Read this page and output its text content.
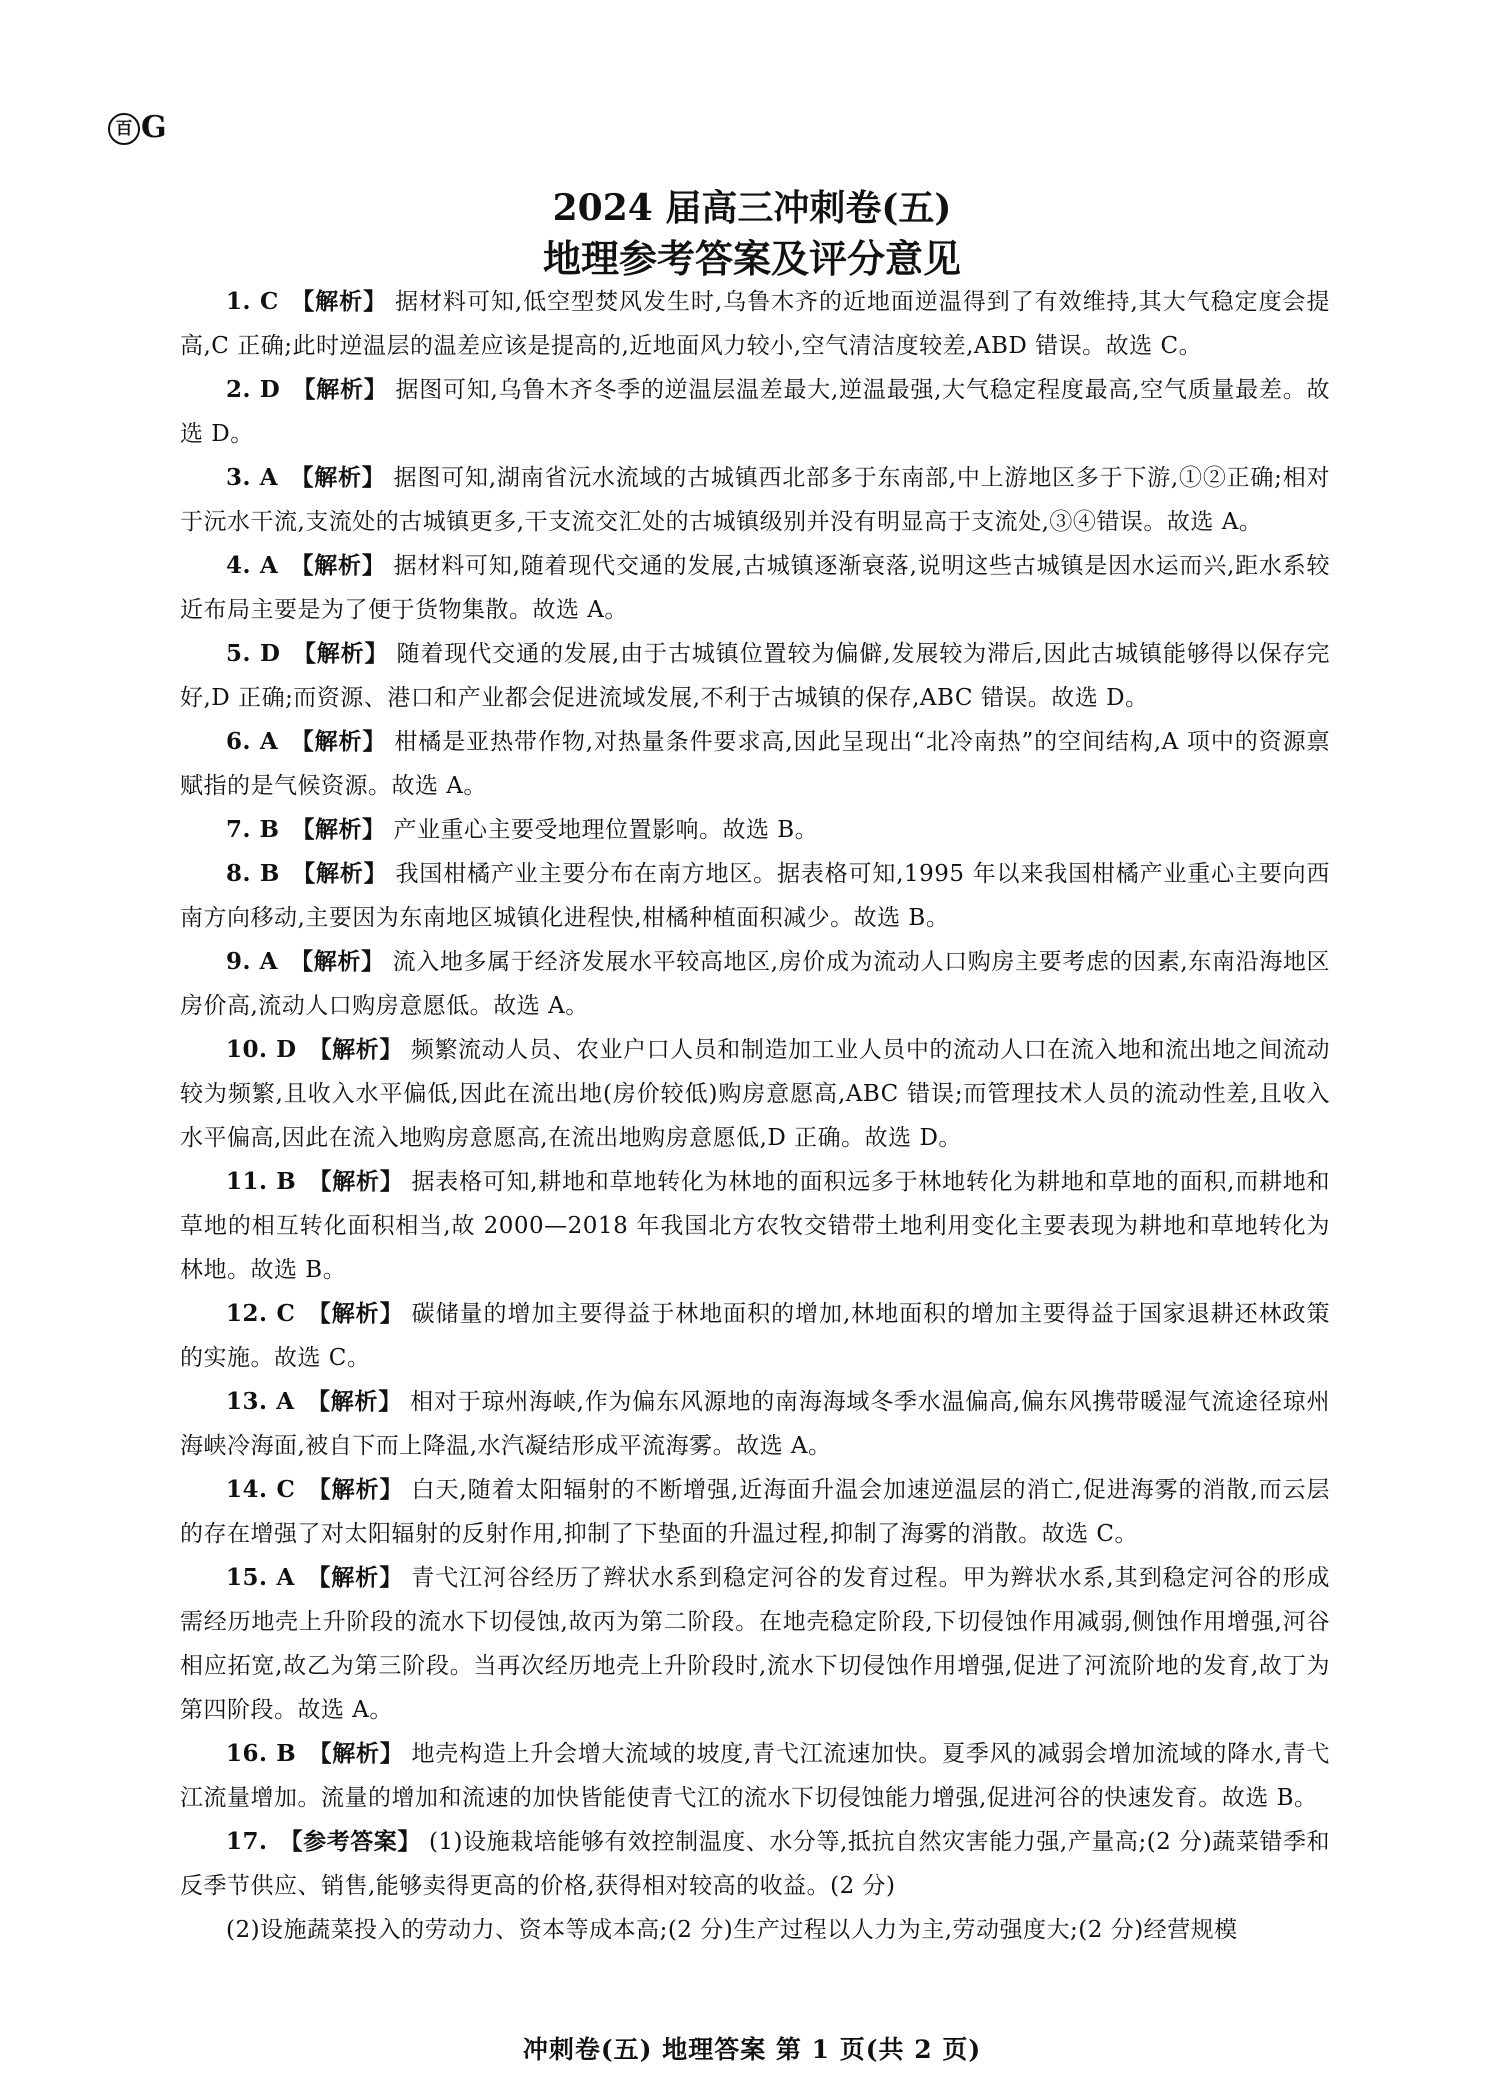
百 G
2024 届高三冲刺卷(五)
地理参考答案及评分意见

1. C 【解析】 据材料可知,低空型焚风发生时,乌鲁木齐的近地面逆温得到了有效维持,其大气稳定度会提高,C 正确;此时逆温层的温差应该是提高的,近地面风力较小,空气清洁度较差,ABD 错误。故选 C。

2. D 【解析】 据图可知,乌鲁木齐冬季的逆温层温差最大,逆温最强,大气稳定程度最高,空气质量最差。故选 D。

3. A 【解析】 据图可知,湖南省沅水流域的古城镇西北部多于东南部,中上游地区多于下游,①②正确;相对于沅水干流,支流处的古城镇更多,干支流交汇处的古城镇级别并没有明显高于支流处,③④错误。故选 A。

4. A 【解析】 据材料可知,随着现代交通的发展,古城镇逐渐衰落,说明这些古城镇是因水运而兴,距水系较近布局主要是为了便于货物集散。故选 A。

5. D 【解析】 随着现代交通的发展,由于古城镇位置较为偏僻,发展较为滞后,因此古城镇能够得以保存完好,D 正确;而资源、港口和产业都会促进流域发展,不利于古城镇的保存,ABC 错误。故选 D。

6. A 【解析】 柑橘是亚热带作物,对热量条件要求高,因此呈现出“北冷南热”的空间结构,A 项中的资源禀赋指的是气候资源。故选 A。

7. B 【解析】 产业重心主要受地理位置影响。故选 B。

8. B 【解析】 我国柑橘产业主要分布在南方地区。据表格可知,1995 年以来我国柑橘产业重心主要向西南方向移动,主要因为东南地区城镇化进程快,柑橘种植面积减少。故选 B。

9. A 【解析】 流入地多属于经济发展水平较高地区,房价成为流动人口购房主要考虑的因素,东南沿海地区房价高,流动人口购房意愿低。故选 A。

10. D 【解析】 频繁流动人员、农业户口人员和制造加工业人员中的流动人口在流入地和流出地之间流动较为频繁,且收入水平偏低,因此在流出地(房价较低)购房意愿高,ABC 错误;而管理技术人员的流动性差,且收入水平偏高,因此在流入地购房意愿高,在流出地购房意愿低,D 正确。故选 D。

11. B 【解析】 据表格可知,耕地和草地转化为林地的面积远多于林地转化为耕地和草地的面积,而耕地和草地的相互转化面积相当,故 2000—2018 年我国北方农牧交错带土地利用变化主要表现为耕地和草地转化为林地。故选 B。

12. C 【解析】 碳储量的增加主要得益于林地面积的增加,林地面积的增加主要得益于国家退耕还林政策的实施。故选 C。

13. A 【解析】 相对于琼州海峡,作为偏东风源地的南海海域冬季水温偏高,偏东风携带暖湿气流途径琼州海峡冷海面,被自下而上降温,水汽凝结形成平流海雾。故选 A。

14. C 【解析】 白天,随着太阳辐射的不断增强,近海面升温会加速逆温层的消亡,促进海雾的消散,而云层的存在增强了对太阳辐射的反射作用,抑制了下垫面的升温过程,抑制了海雾的消散。故选 C。

15. A 【解析】 青弋江河谷经历了辫状水系到稳定河谷的发育过程。甲为辫状水系,其到稳定河谷的形成需经历地壳上升阶段的流水下切侵蚀,故丙为第二阶段。在地壳稳定阶段,下切侵蚀作用减弱,侧蚀作用增强,河谷相应拓宽,故乙为第三阶段。当再次经历地壳上升阶段时,流水下切侵蚀作用增强,促进了河流阶地的发育,故丁为第四阶段。故选 A。

16. B 【解析】 地壳构造上升会增大流域的坡度,青弋江流速加快。夏季风的减弱会增加流域的降水,青弋江流量增加。流量的增加和流速的加快皆能使青弋江的流水下切侵蚀能力增强,促进河谷的快速发育。故选 B。

17. 【参考答案】 (1)设施栽培能够有效控制温度、水分等,抵抗自然灾害能力强,产量高;(2 分)蔬菜错季和反季节供应、销售,能够卖得更高的价格,获得相对较高的收益。(2 分)

(2)设施蔬菜投入的劳动力、资本等成本高;(2 分)生产过程以人力为主,劳动强度大;(2 分)经营规模

冲刺卷(五) 地理答案 第 1 页(共 2 页)
